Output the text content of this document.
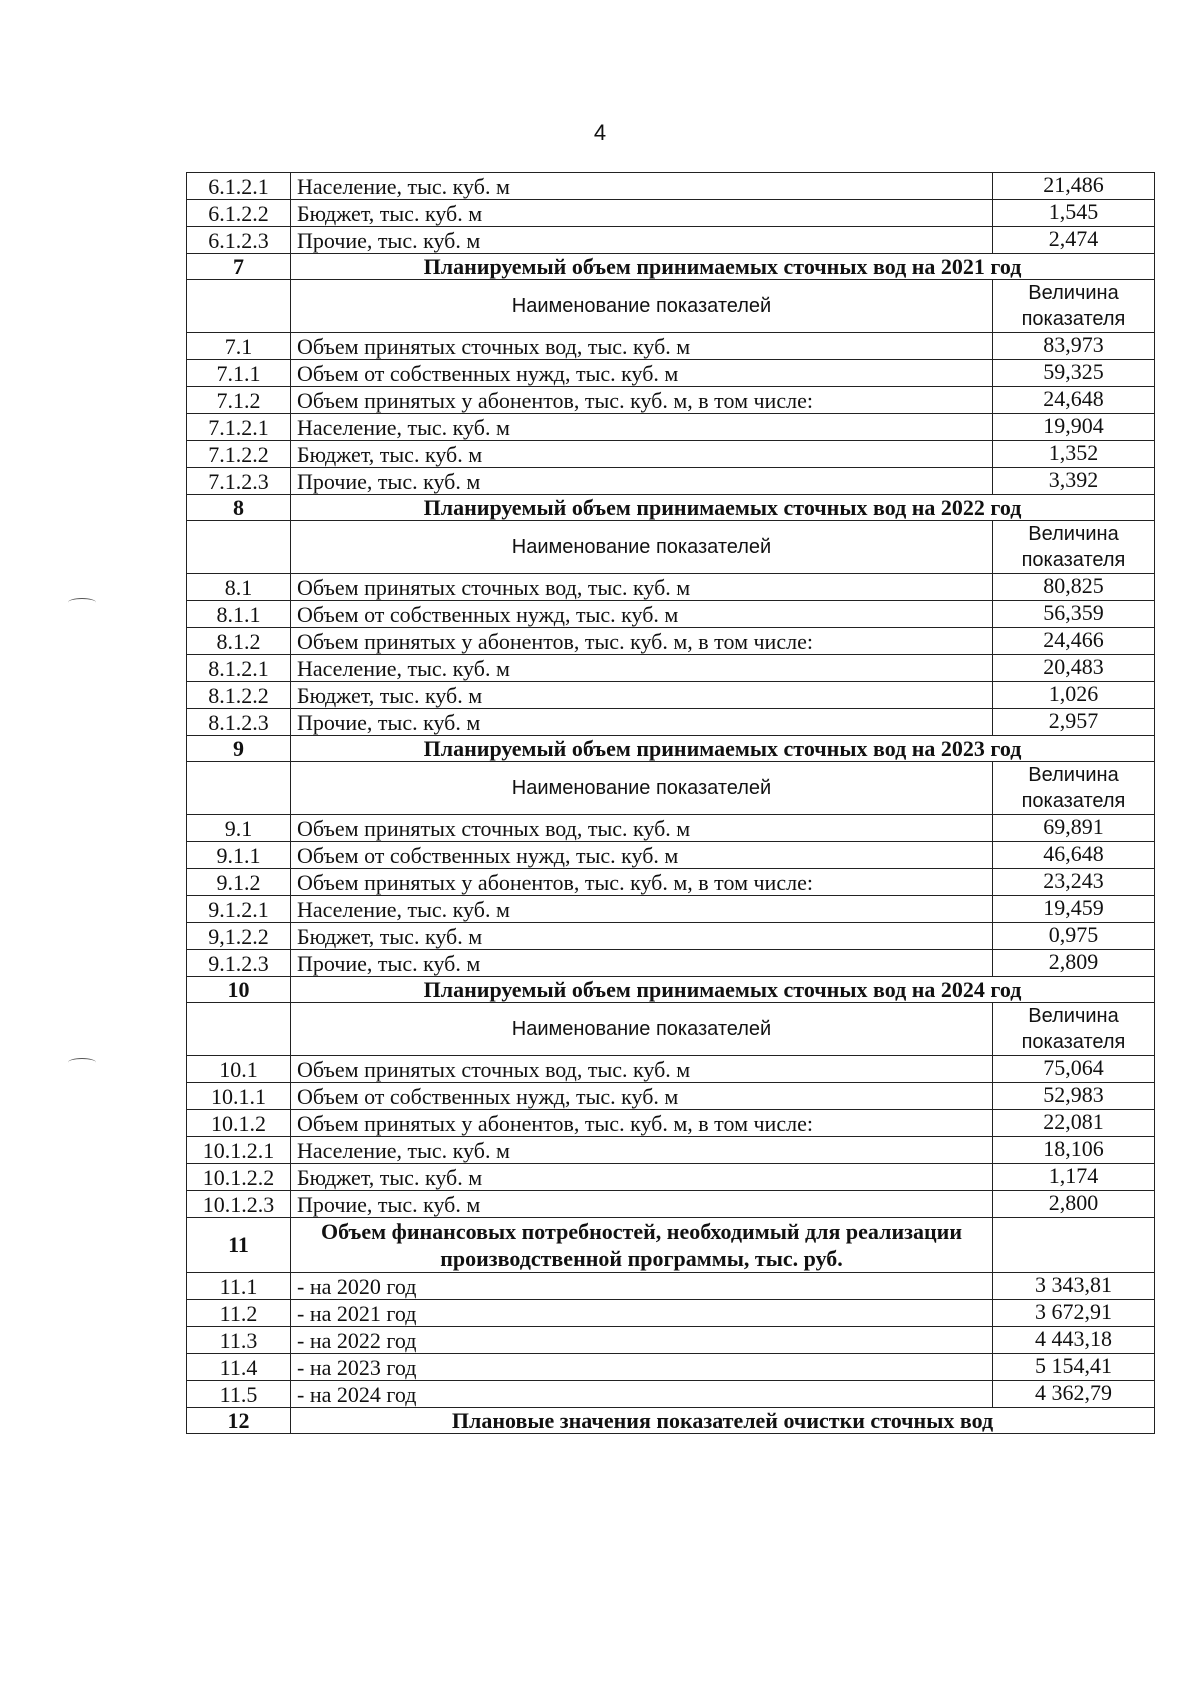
4
6.1.2.1	Население, тыс. куб. м	21,486
6.1.2.2	Бюджет, тыс. куб. м	1,545
6.1.2.3	Прочие, тыс. куб. м	2,474
7	Планируемый объем принимаемых сточных вод на 2021 год	
	Наименование показателей	Величина показателя
7.1	Объем принятых сточных вод, тыс. куб. м	83,973
7.1.1	Объем от собственных нужд, тыс. куб. м	59,325
7.1.2	Объем принятых у абонентов, тыс. куб. м, в том числе:	24,648
7.1.2.1	Население, тыс. куб. м	19,904
7.1.2.2	Бюджет, тыс. куб. м	1,352
7.1.2.3	Прочие, тыс. куб. м	3,392
8	Планируемый объем принимаемых сточных вод на 2022 год	
	Наименование показателей	Величина показателя
8.1	Объем принятых сточных вод, тыс. куб. м	80,825
8.1.1	Объем от собственных нужд, тыс. куб. м	56,359
8.1.2	Объем принятых у абонентов, тыс. куб. м, в том числе:	24,466
8.1.2.1	Население, тыс. куб. м	20,483
8.1.2.2	Бюджет, тыс. куб. м	1,026
8.1.2.3	Прочие, тыс. куб. м	2,957
9	Планируемый объем принимаемых сточных вод на 2023 год	
	Наименование показателей	Величина показателя
9.1	Объем принятых сточных вод, тыс. куб. м	69,891
9.1.1	Объем от собственных нужд, тыс. куб. м	46,648
9.1.2	Объем принятых у абонентов, тыс. куб. м, в том числе:	23,243
9.1.2.1	Население, тыс. куб. м	19,459
9,1.2.2	Бюджет, тыс. куб. м	0,975
9.1.2.3	Прочие, тыс. куб. м	2,809
10	Планируемый объем принимаемых сточных вод на 2024 год	
	Наименование показателей	Величина показателя
10.1	Объем принятых сточных вод, тыс. куб. м	75,064
10.1.1	Объем от собственных нужд, тыс. куб. м	52,983
10.1.2	Объем принятых у абонентов, тыс. куб. м, в том числе:	22,081
10.1.2.1	Население, тыс. куб. м	18,106
10.1.2.2	Бюджет, тыс. куб. м	1,174
10.1.2.3	Прочие, тыс. куб. м	2,800
11	Объем финансовых потребностей, необходимый для реализации производственной программы, тыс. руб.	
11.1	- на 2020 год	3 343,81
11.2	- на 2021 год	3 672,91
11.3	- на 2022 год	4 443,18
11.4	- на 2023 год	5 154,41
11.5	- на 2024 год	4 362,79
12	Плановые значения показателей очистки сточных вод	
